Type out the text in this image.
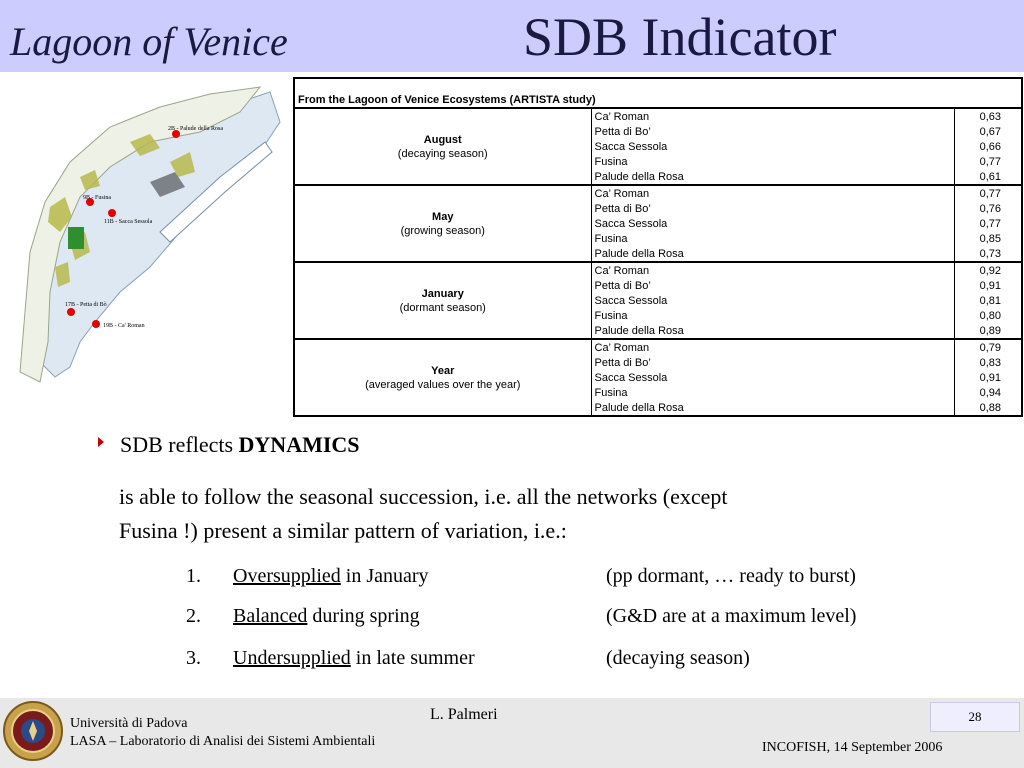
Lagoon of Venice	SDB Indicator
2B - Palude della Rosa
9B - Fusina
11B - Sacca Sessola
17B - Petta di Bò
19B - Ca' Roman
From the Lagoon of Venice Ecosystems (ARTISTA study)		

August
(decaying season)	Ca’ Roman	0,63
	Petta di Bo’	0,67
	Sacca Sessola	0,66
	Fusina	0,77
	Palude della Rosa	0,61

May
(growing season)	Ca’ Roman	0,77
	Petta di Bo’	0,76
	Sacca Sessola	0,77
	Fusina	0,85
	Palude della Rosa	0,73

January
(dormant season)	Ca’ Roman	0,92
	Petta di Bo’	0,91
	Sacca Sessola	0,81
	Fusina	0,80
	Palude della Rosa	0,89

Year
(averaged values over the year)	Ca’ Roman	0,79
	Petta di Bo’	0,83
	Sacca Sessola	0,91
	Fusina	0,94
	Palude della Rosa	0,88
SDB reflects DYNAMICS
is able to follow the seasonal succession, i.e. all the networks (except
Fusina !) present a similar pattern of variation, i.e.:
1. Oversupplied in January	(pp dormant, … ready to burst)
2. Balanced during spring	(G&D are at a maximum level)
3. Undersupplied in late summer	(decaying season)
Università di Padova
LASA – Laboratorio di Analisi dei Sistemi Ambientali
L. Palmeri	28
INCOFISH, 14 September 2006
